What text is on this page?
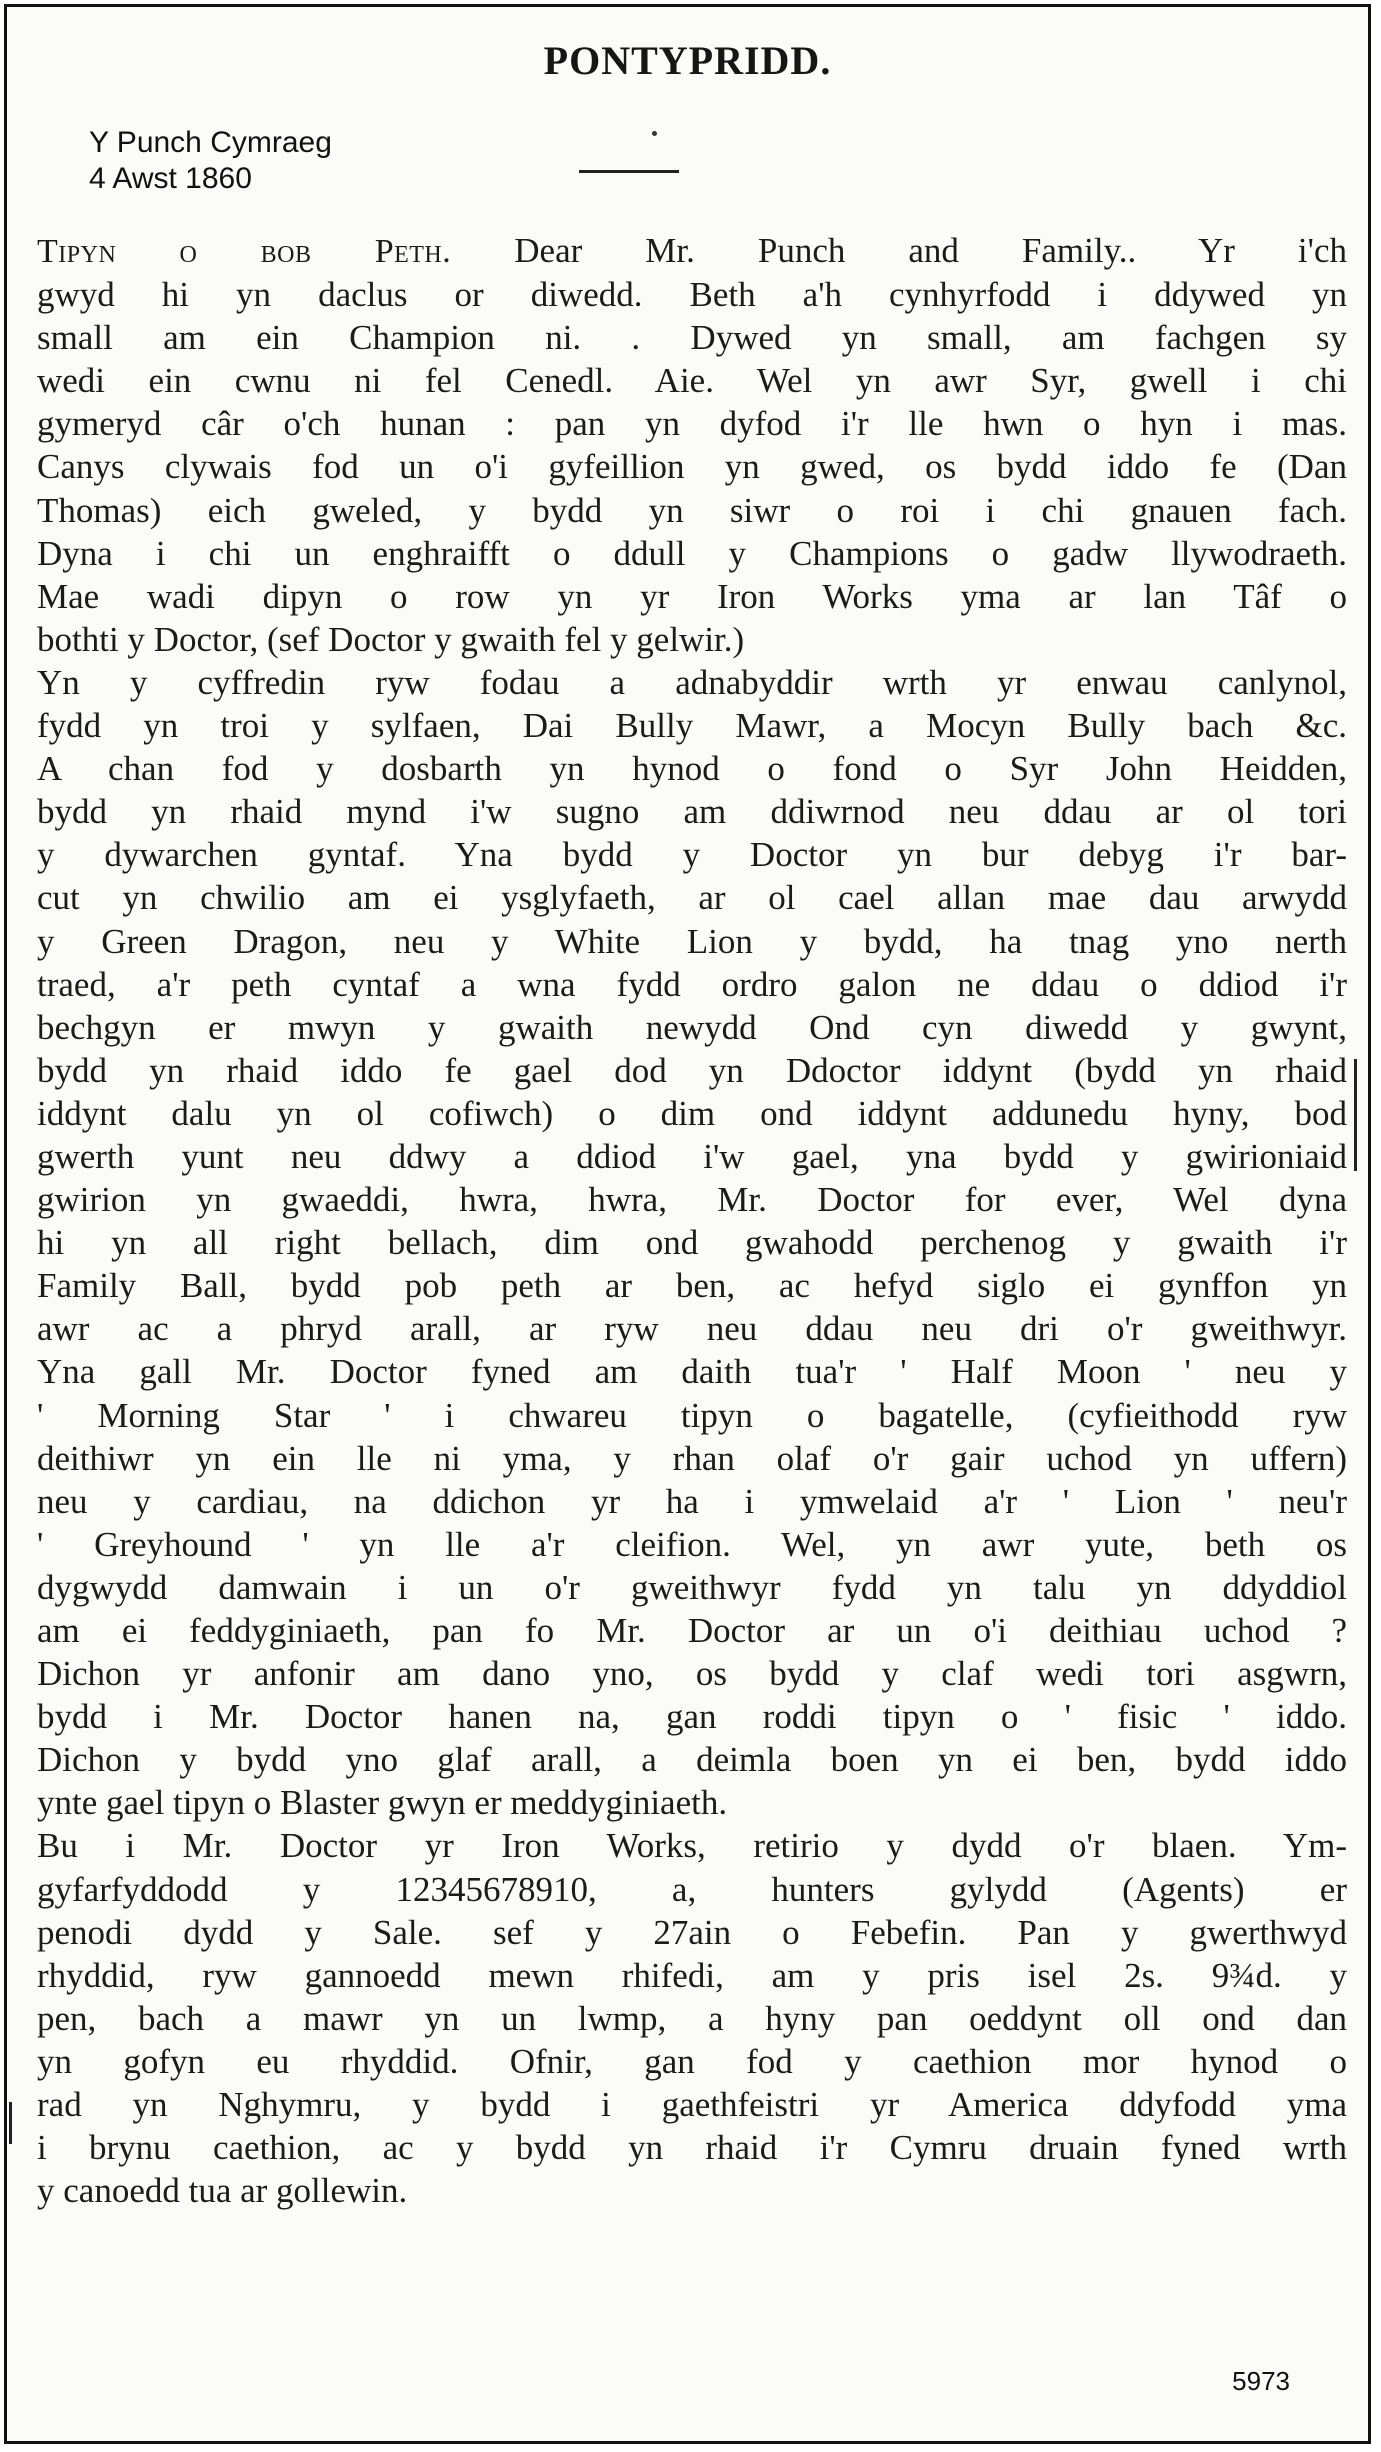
PONTYPRIDD.
Y Punch Cymraeg
4 Awst 1860
Tipyn o bob Peth. Dear Mr. Punch and Family.. Yr i'ch
gwyd hi yn daclus or diwedd. Beth a'h cynhyrfodd i ddywed yn
small am ein Champion ni. . Dywed yn small, am fachgen sy
wedi ein cwnu ni fel Cenedl. Aie. Wel yn awr Syr, gwell i chi
gymeryd câr o'ch hunan : pan yn dyfod i'r lle hwn o hyn i mas.
Canys clywais fod un o'i gyfeillion yn gwed, os bydd iddo fe (Dan
Thomas) eich gweled, y bydd yn siwr o roi i chi gnauen fach.
Dyna i chi un enghraifft o ddull y Champions o gadw llywodraeth.
Mae wadi dipyn o row yn yr Iron Works yma ar lan Tâf o
bothti y Doctor, (sef Doctor y gwaith fel y gelwir.)
Yn y cyffredin ryw fodau a adnabyddir wrth yr enwau canlynol,
fydd yn troi y sylfaen, Dai Bully Mawr, a Mocyn Bully bach &c.
A chan fod y dosbarth yn hynod o fond o Syr John Heidden,
bydd yn rhaid mynd i'w sugno am ddiwrnod neu ddau ar ol tori
y dywarchen gyntaf. Yna bydd y Doctor yn bur debyg i'r bar-
cut yn chwilio am ei ysglyfaeth, ar ol cael allan mae dau arwydd
y Green Dragon, neu y White Lion y bydd, ha tnag yno nerth
traed, a'r peth cyntaf a wna fydd ordro galon ne ddau o ddiod i'r
bechgyn er mwyn y gwaith newydd Ond cyn diwedd y gwynt,
bydd yn rhaid iddo fe gael dod yn Ddoctor iddynt (bydd yn rhaid
iddynt dalu yn ol cofiwch) o dim ond iddynt addunedu hyny, bod
gwerth yunt neu ddwy a ddiod i'w gael, yna bydd y gwirioniaid
gwirion yn gwaeddi, hwra, hwra, Mr. Doctor for ever, Wel dyna
hi yn all right bellach, dim ond gwahodd perchenog y gwaith i'r
Family Ball, bydd pob peth ar ben, ac hefyd siglo ei gynffon yn
awr ac a phryd arall, ar ryw neu ddau neu dri o'r gweithwyr.
Yna gall Mr. Doctor fyned am daith tua'r ' Half Moon ' neu y
' Morning Star ' i chwareu tipyn o bagatelle, (cyfieithodd ryw
deithiwr yn ein lle ni yma, y rhan olaf o'r gair uchod yn uffern)
neu y cardiau, na ddichon yr ha i ymwelaid a'r ' Lion ' neu'r
' Greyhound ' yn lle a'r cleifion. Wel, yn awr yute, beth os
dygwydd damwain i un o'r gweithwyr fydd yn talu yn ddyddiol
am ei feddyginiaeth, pan fo Mr. Doctor ar un o'i deithiau uchod ?
Dichon yr anfonir am dano yno, os bydd y claf wedi tori asgwrn,
bydd i Mr. Doctor hanen na, gan roddi tipyn o ' fisic ' iddo.
Dichon y bydd yno glaf arall, a deimla boen yn ei ben, bydd iddo
ynte gael tipyn o Blaster gwyn er meddyginiaeth.
Bu i Mr. Doctor yr Iron Works, retirio y dydd o'r blaen. Ym-
gyfarfyddodd y 12345678910, a, hunters gylydd (Agents) er
penodi dydd y Sale. sef y 27ain o Febefin. Pan y gwerthwyd
rhyddid, ryw gannoedd mewn rhifedi, am y pris isel 2s. 9¾d. y
pen, bach a mawr yn un lwmp, a hyny pan oeddynt oll ond dan
yn gofyn eu rhyddid. Ofnir, gan fod y caethion mor hynod o
rad yn Nghymru, y bydd i gaethfeistri yr America ddyfodd yma
i brynu caethion, ac y bydd yn rhaid i'r Cymru druain fyned wrth
y canoedd tua ar gollewin.
5973
